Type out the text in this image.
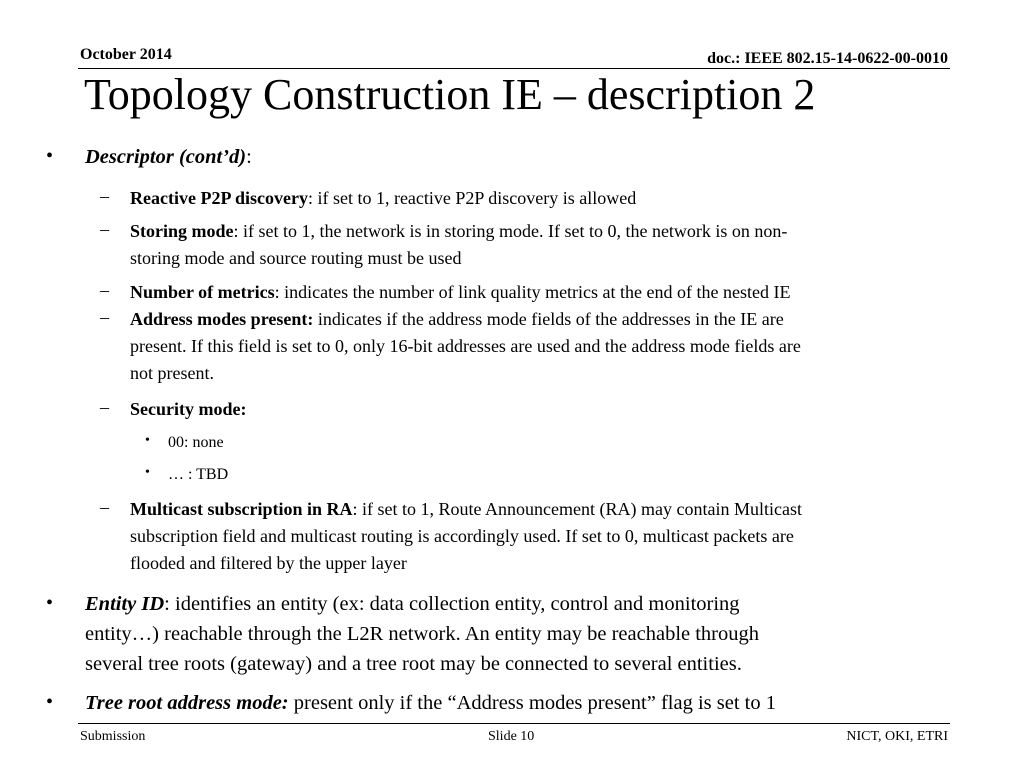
October 2014	doc.: IEEE 802.15-14-0622-00-0010
Topology Construction IE – description 2
• Descriptor (cont’d):
– Reactive P2P discovery: if set to 1, reactive P2P discovery is allowed
– Storing mode: if set to 1, the network is in storing mode. If set to 0, the network is on non-
storing mode and source routing must be used
– Number of metrics: indicates the number of link quality metrics at the end of the nested IE
– Address modes present: indicates if the address mode fields of the addresses in the IE are
present. If this field is set to 0, only 16-bit addresses are used and the address mode fields are
not present.
– Security mode:
• 00: none
• … : TBD
– Multicast subscription in RA: if set to 1, Route Announcement (RA) may contain Multicast
subscription field and multicast routing is accordingly used. If set to 0, multicast packets are
flooded and filtered by the upper layer
• Entity ID: identifies an entity (ex: data collection entity, control and monitoring
entity…) reachable through the L2R network. An entity may be reachable through
several tree roots (gateway) and a tree root may be connected to several entities.
• Tree root address mode: present only if the “Address modes present” flag is set to 1
Submission	Slide 10	NICT, OKI, ETRI
